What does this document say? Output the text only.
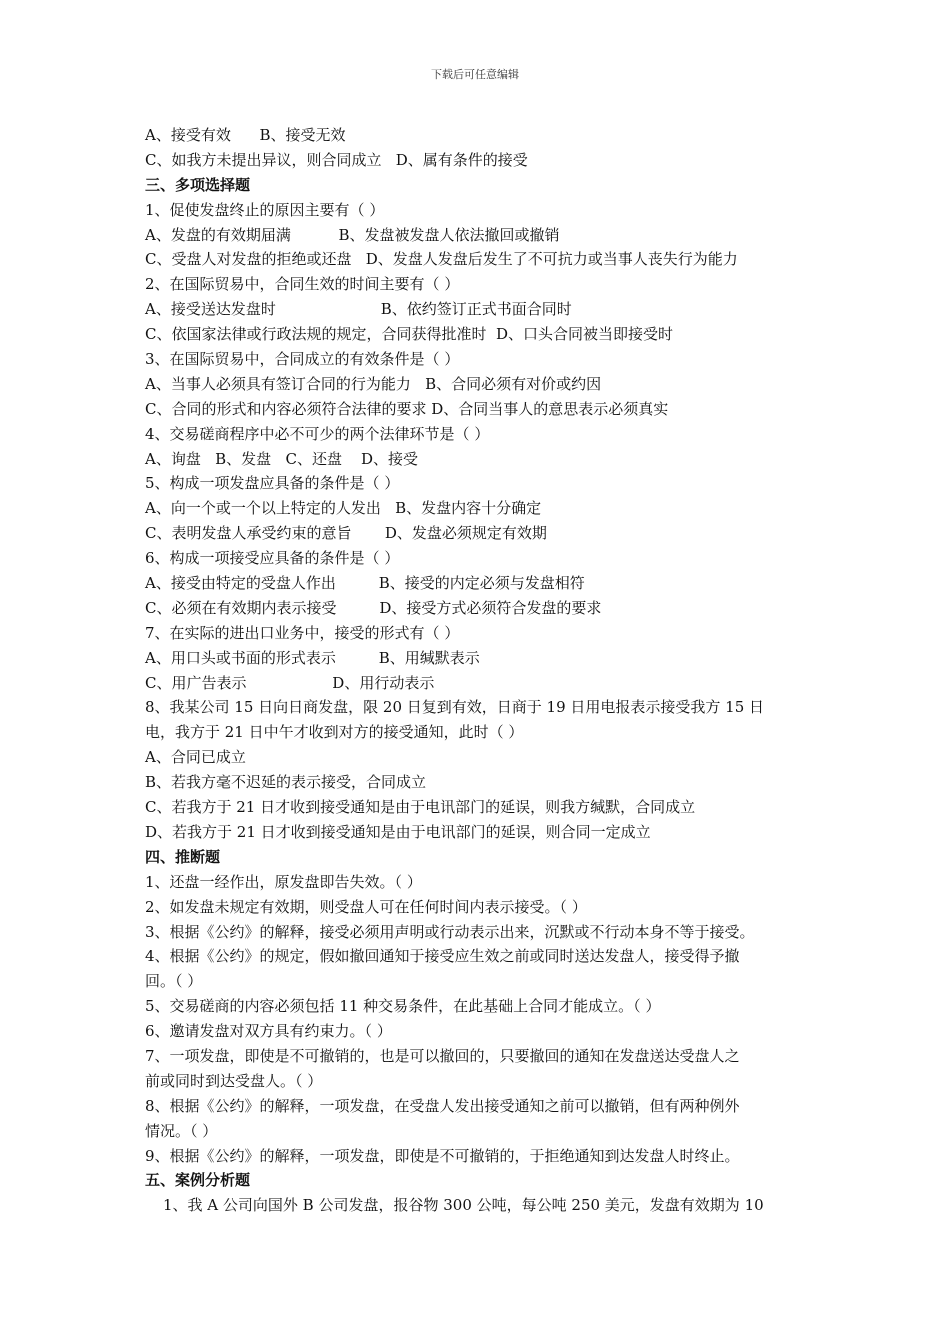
下载后可任意编辑
A、接受有效      B、接受无效
C、如我方未提出异议，则合同成立   D、属有条件的接受
三、多项选择题
1、促使发盘终止的原因主要有（ ）
A、发盘的有效期届满          B、发盘被发盘人依法撤回或撤销
C、受盘人对发盘的拒绝或还盘   D、发盘人发盘后发生了不可抗力或当事人丧失行为能力
2、在国际贸易中，合同生效的时间主要有（ ）
A、接受送达发盘时                      B、依约签订正式书面合同时
C、依国家法律或行政法规的规定，合同获得批准时  D、口头合同被当即接受时
3、在国际贸易中，合同成立的有效条件是（ ）
A、当事人必须具有签订合同的行为能力   B、合同必须有对价或约因
C、合同的形式和内容必须符合法律的要求 D、合同当事人的意思表示必须真实
4、交易磋商程序中必不可少的两个法律环节是（ ）
A、询盘   B、发盘   C、还盘    D、接受
5、构成一项发盘应具备的条件是（ ）
A、向一个或一个以上特定的人发出   B、发盘内容十分确定
C、表明发盘人承受约束的意旨       D、发盘必须规定有效期
6、构成一项接受应具备的条件是（ ）
A、接受由特定的受盘人作出         B、接受的内定必须与发盘相符
C、必须在有效期内表示接受         D、接受方式必须符合发盘的要求
7、在实际的进出口业务中，接受的形式有（ ）
A、用口头或书面的形式表示         B、用缄默表示
C、用广告表示                  D、用行动表示
8、我某公司 15 日向日商发盘，限 20 日复到有效，日商于 19 日用电报表示接受我方 15 日
电，我方于 21 日中午才收到对方的接受通知，此时（ ）
A、合同已成立
B、若我方毫不迟延的表示接受，合同成立
C、若我方于 21 日才收到接受通知是由于电讯部门的延误，则我方缄默，合同成立
D、若我方于 21 日才收到接受通知是由于电讯部门的延误，则合同一定成立
四、推断题
1、还盘一经作出，原发盘即告失效。（ ）
2、如发盘未规定有效期，则受盘人可在任何时间内表示接受。（ ）
3、根据《公约》的解释，接受必须用声明或行动表示出来，沉默或不行动本身不等于接受。
4、根据《公约》的规定，假如撤回通知于接受应生效之前或同时送达发盘人，接受得予撤
回。（ ）
5、交易磋商的内容必须包括 11 种交易条件，在此基础上合同才能成立。（ ）
6、邀请发盘对双方具有约束力。（ ）
7、一项发盘，即使是不可撤销的，也是可以撤回的，只要撤回的通知在发盘送达受盘人之
前或同时到达受盘人。（ ）
8、根据《公约》的解释，一项发盘，在受盘人发出接受通知之前可以撤销，但有两种例外
情况。（ ）
9、根据《公约》的解释，一项发盘，即使是不可撤销的，于拒绝通知到达发盘人时终止。
五、案例分析题
1、我 A 公司向国外 B 公司发盘，报谷物 300 公吨，每公吨 250 美元，发盘有效期为 10
